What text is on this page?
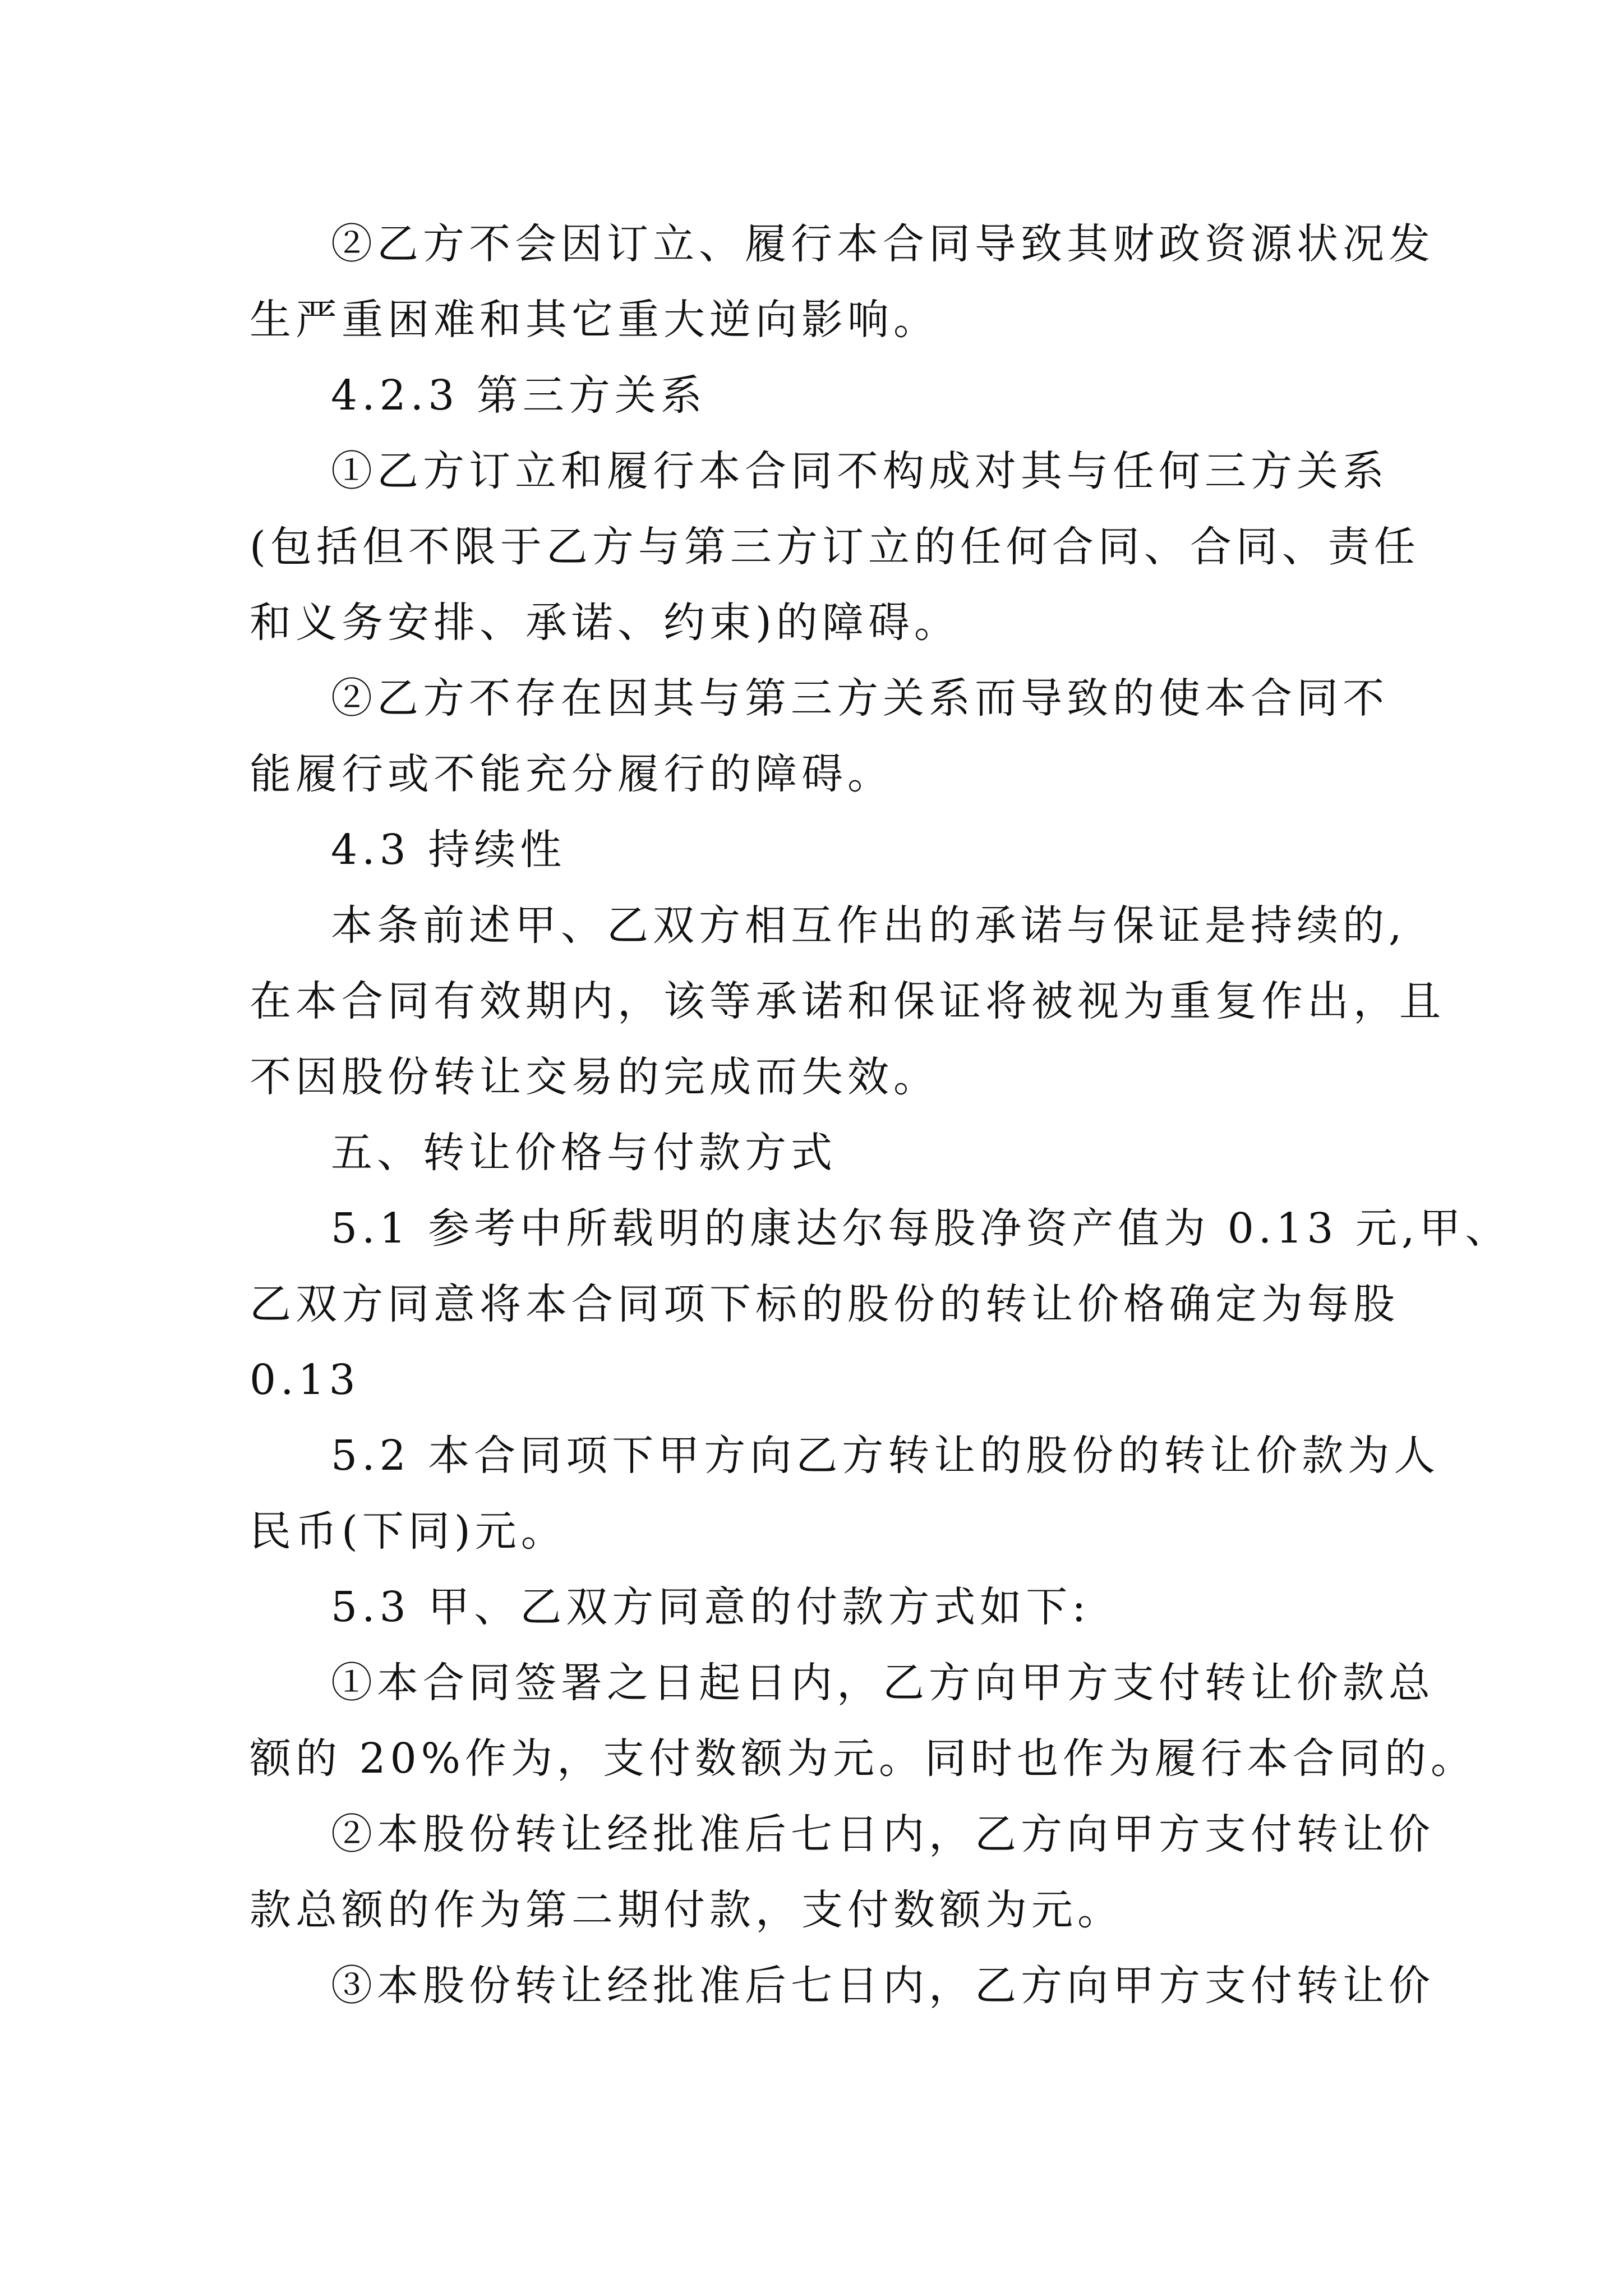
②乙方不会因订立、履行本合同导致其财政资源状况发
生严重困难和其它重大逆向影响。
4.2.3 第三方关系
①乙方订立和履行本合同不构成对其与任何三方关系
(包括但不限于乙方与第三方订立的任何合同、合同、责任
和义务安排、承诺、约束)的障碍。
②乙方不存在因其与第三方关系而导致的使本合同不
能履行或不能充分履行的障碍。
4.3 持续性
本条前述甲、乙双方相互作出的承诺与保证是持续的,
在本合同有效期内，该等承诺和保证将被视为重复作出，且
不因股份转让交易的完成而失效。
五、转让价格与付款方式
5.1 参考中所载明的康达尔每股净资产值为 0.13 元,甲、
乙双方同意将本合同项下标的股份的转让价格确定为每股
0.13
5.2 本合同项下甲方向乙方转让的股份的转让价款为人
民币(下同)元。
5.3 甲、乙双方同意的付款方式如下:
①本合同签署之日起日内，乙方向甲方支付转让价款总
额的 20%作为，支付数额为元。同时也作为履行本合同的。
②本股份转让经批准后七日内，乙方向甲方支付转让价
款总额的作为第二期付款，支付数额为元。
③本股份转让经批准后七日内，乙方向甲方支付转让价
